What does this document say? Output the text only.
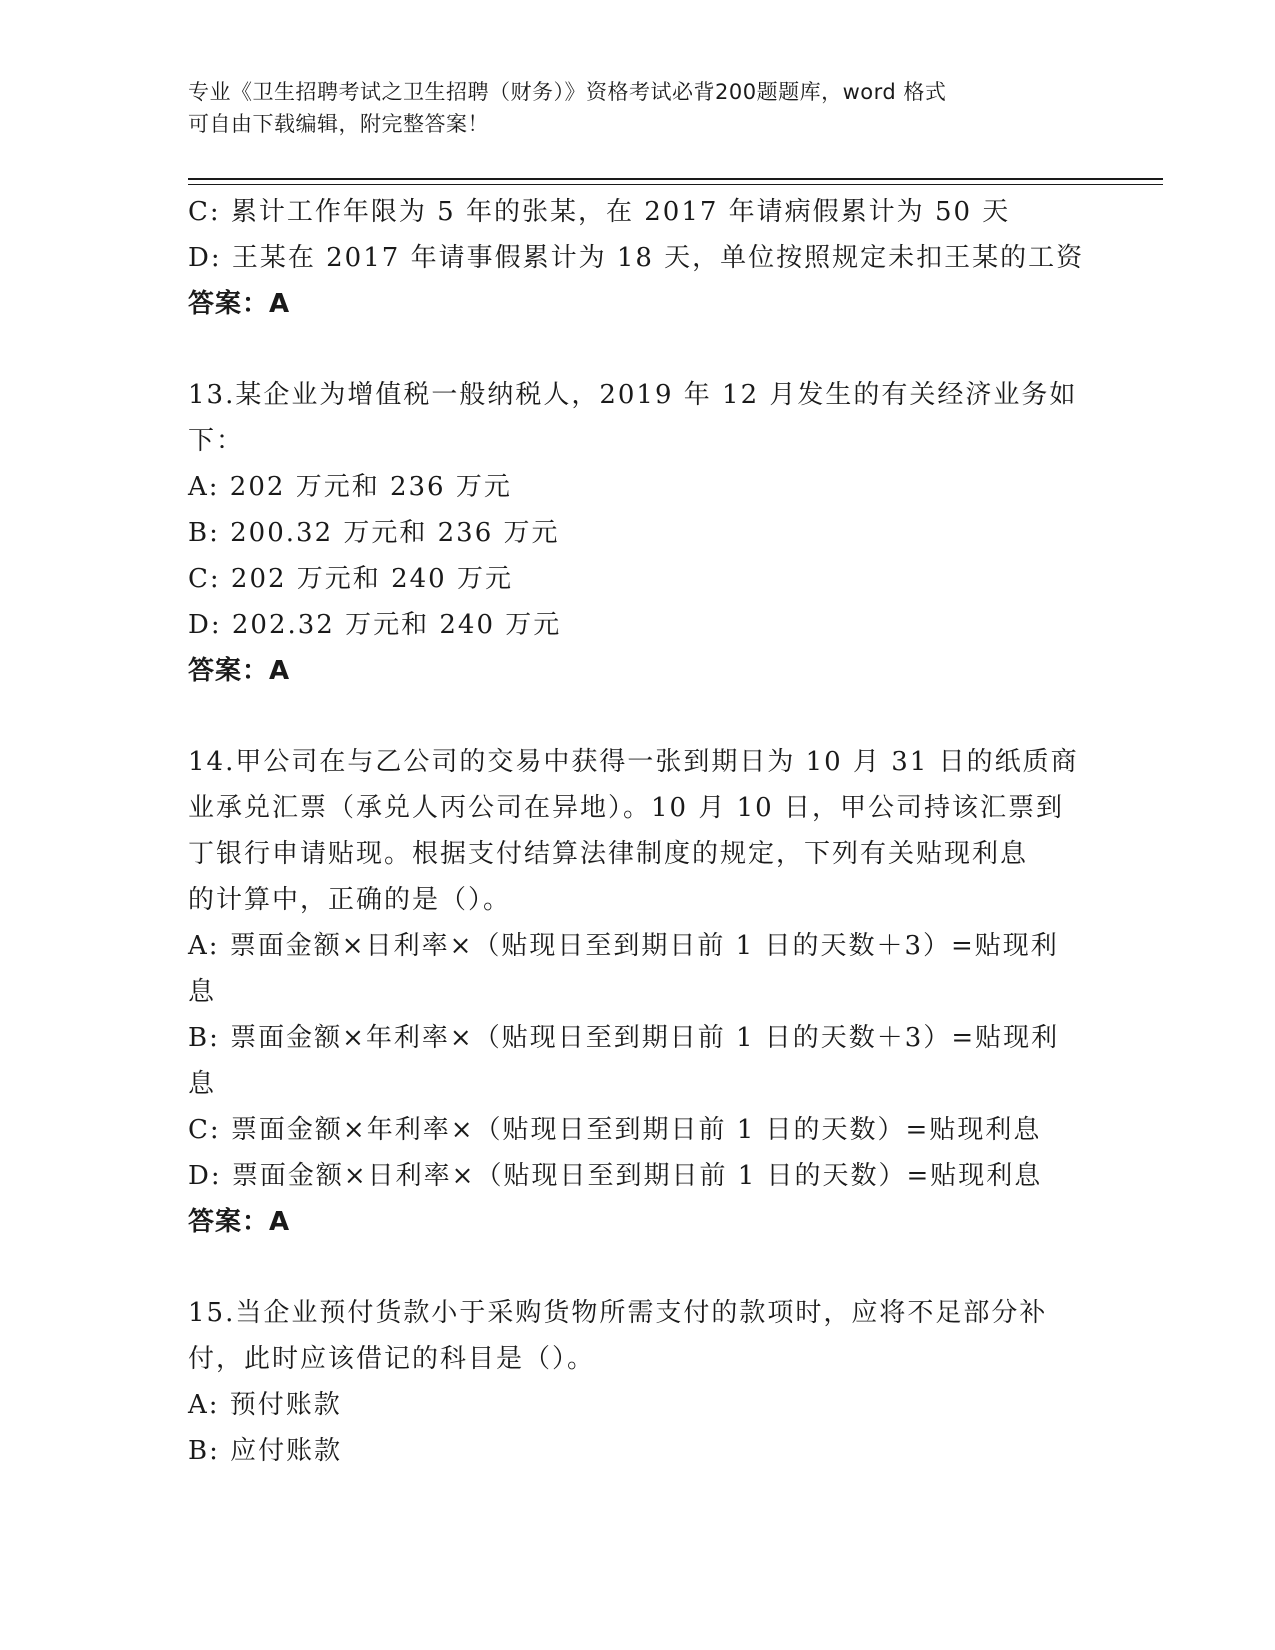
专业《卫生招聘考试之卫生招聘（财务）》资格考试必背200题题库，word 格式
可自由下载编辑，附完整答案！
C: 累计工作年限为 5 年的张某，在 2017 年请病假累计为 50 天
D: 王某在 2017 年请事假累计为 18 天，单位按照规定未扣王某的工资
答案：A
13.某企业为增值税一般纳税人，2019 年 12 月发生的有关经济业务如
下：
A: 202 万元和 236 万元
B: 200.32 万元和 236 万元
C: 202 万元和 240 万元
D: 202.32 万元和 240 万元
答案：A
14.甲公司在与乙公司的交易中获得一张到期日为 10 月 31 日的纸质商
业承兑汇票（承兑人丙公司在异地）。10 月 10 日，甲公司持该汇票到
丁银行申请贴现。根据支付结算法律制度的规定，下列有关贴现利息
的计算中，正确的是（）。
A: 票面金额×日利率×（贴现日至到期日前 1 日的天数＋3）=贴现利
息
B: 票面金额×年利率×（贴现日至到期日前 1 日的天数＋3）=贴现利
息
C: 票面金额×年利率×（贴现日至到期日前 1 日的天数）=贴现利息
D: 票面金额×日利率×（贴现日至到期日前 1 日的天数）=贴现利息
答案：A
15.当企业预付货款小于采购货物所需支付的款项时，应将不足部分补
付，此时应该借记的科目是（）。
A: 预付账款
B: 应付账款
